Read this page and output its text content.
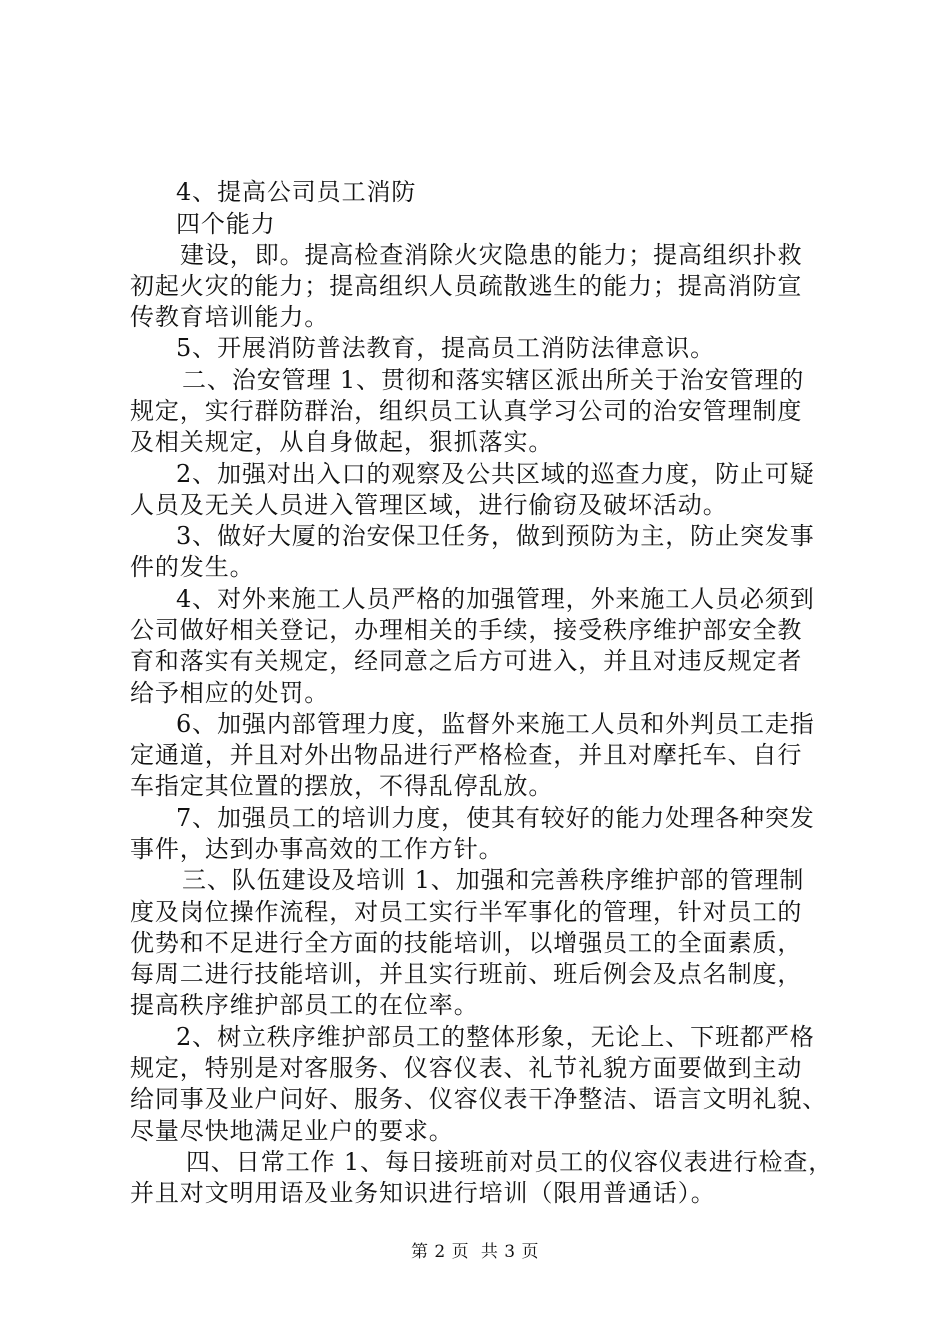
4、提高公司员工消防
四个能力
建设，即。提高检查消除火灾隐患的能力；提高组织扑救
初起火灾的能力；提高组织人员疏散逃生的能力；提高消防宣
传教育培训能力。
5、开展消防普法教育，提高员工消防法律意识。
二、治安管理 1、贯彻和落实辖区派出所关于治安管理的
规定，实行群防群治，组织员工认真学习公司的治安管理制度
及相关规定，从自身做起，狠抓落实。
2、加强对出入口的观察及公共区域的巡查力度，防止可疑
人员及无关人员进入管理区域，进行偷窃及破坏活动。
3、做好大厦的治安保卫任务，做到预防为主，防止突发事
件的发生。
4、对外来施工人员严格的加强管理，外来施工人员必须到
公司做好相关登记，办理相关的手续，接受秩序维护部安全教
育和落实有关规定，经同意之后方可进入，并且对违反规定者
给予相应的处罚。
6、加强内部管理力度，监督外来施工人员和外判员工走指
定通道，并且对外出物品进行严格检查，并且对摩托车、自行
车指定其位置的摆放，不得乱停乱放。
7、加强员工的培训力度，使其有较好的能力处理各种突发
事件，达到办事高效的工作方针。
三、队伍建设及培训 1、加强和完善秩序维护部的管理制
度及岗位操作流程，对员工实行半军事化的管理，针对员工的
优势和不足进行全方面的技能培训，以增强员工的全面素质，
每周二进行技能培训，并且实行班前、班后例会及点名制度，
提高秩序维护部员工的在位率。
2、树立秩序维护部员工的整体形象，无论上、下班都严格
规定，特别是对客服务、仪容仪表、礼节礼貌方面要做到主动
给同事及业户问好、服务、仪容仪表干净整洁、语言文明礼貌、
尽量尽快地满足业户的要求。
四、日常工作 1、每日接班前对员工的仪容仪表进行检查，
并且对文明用语及业务知识进行培训（限用普通话）。
第 2 页  共 3 页
